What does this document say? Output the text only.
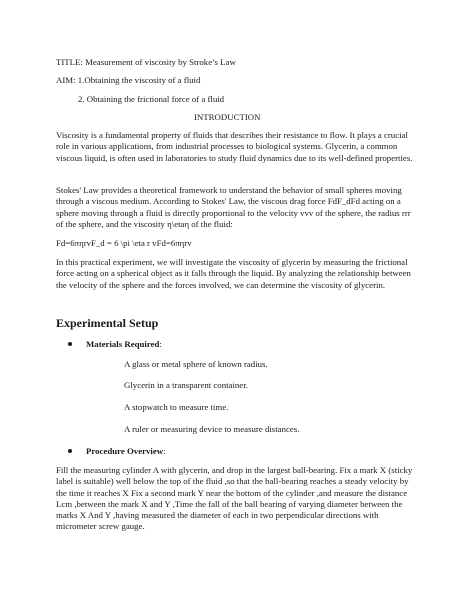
TITLE: Measurement of viscosity by Stroke’s Law
AIM: 1.Obtaining the viscosity of a fluid
2. Obtaining the frictional force of a fluid
INTRODUCTION
Viscosity is a fundamental property of fluids that describes their resistance to flow. It plays a crucial role in various applications, from industrial processes to biological systems. Glycerin, a common viscous liquid, is often used in laboratories to study fluid dynamics due to its well-defined properties.
Stokes' Law provides a theoretical framework to understand the behavior of small spheres moving through a viscous medium. According to Stokes' Law, the viscous drag force FdF_dFd acting on a sphere moving through a fluid is directly proportional to the velocity vvv of the sphere, the radius rrr of the sphere, and the viscosity η\etaη of the fluid:
Fd=6πηrvF_d = 6 \pi \eta r vFd=6πηrv
In this practical experiment, we will investigate the viscosity of glycerin by measuring the frictional force acting on a spherical object as it falls through the liquid. By analyzing the relationship between the velocity of the sphere and the forces involved, we can determine the viscosity of glycerin.
Experimental Setup
Materials Required:
A glass or metal sphere of known radius.
Glycerin in a transparent container.
A stopwatch to measure time.
A ruler or measuring device to measure distances.
Procedure Overview:
Fill the measuring cylinder A with glycerin, and drop in the largest ball-bearing. Fix a mark X (sticky label is suitable) well below the top of the fluid ,so that the ball-bearing reaches a steady velocity by the time it reaches X Fix a second mark Y near the bottom of the cylinder ,and measure the distance Lcm ,between the mark X and Y ,Time the fall of the ball bearing of varying diameter between the marks X And Y ,having measured the diameter of each in two perpendicular directions with micrometer screw gauge.
